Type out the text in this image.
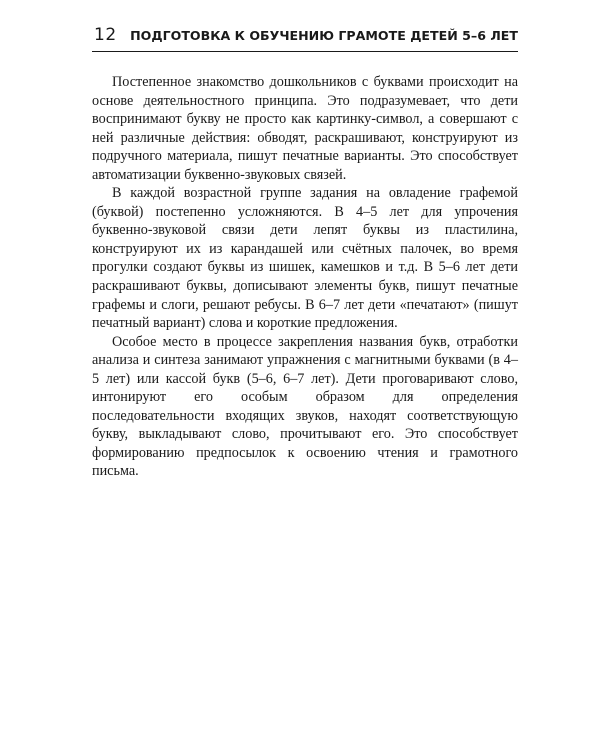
12 ПОДГОТОВКА К ОБУЧЕНИЮ ГРАМОТЕ ДЕТЕЙ 5–6 ЛЕТ

Постепенное знакомство дошкольников с буквами происходит на основе деятельностного принципа. Это подразумевает, что дети воспринимают букву не просто как картинку-символ, а совершают с ней различные действия: обводят, раскрашивают, конструируют из подручного материала, пишут печатные варианты. Это способствует автоматизации буквенно-звуковых связей.

В каждой возрастной группе задания на овладение графемой (буквой) постепенно усложняются. В 4–5 лет для упрочения буквенно-звуковой связи дети лепят буквы из пластилина, конструируют их из карандашей или счётных палочек, во время прогулки создают буквы из шишек, камешков и т.д. В 5–6 лет дети раскрашивают буквы, дописывают элементы букв, пишут печатные графемы и слоги, решают ребусы. В 6–7 лет дети «печатают» (пишут печатный вариант) слова и короткие предложения.

Особое место в процессе закрепления названия букв, отработки анализа и синтеза занимают упражнения с магнитными буквами (в 4–5 лет) или кассой букв (5–6, 6–7 лет). Дети проговаривают слово, интонируют его особым образом для определения последовательности входящих звуков, находят соответствующую букву, выкладывают слово, прочитывают его. Это способствует формированию предпосылок к освоению чтения и грамотного письма.
